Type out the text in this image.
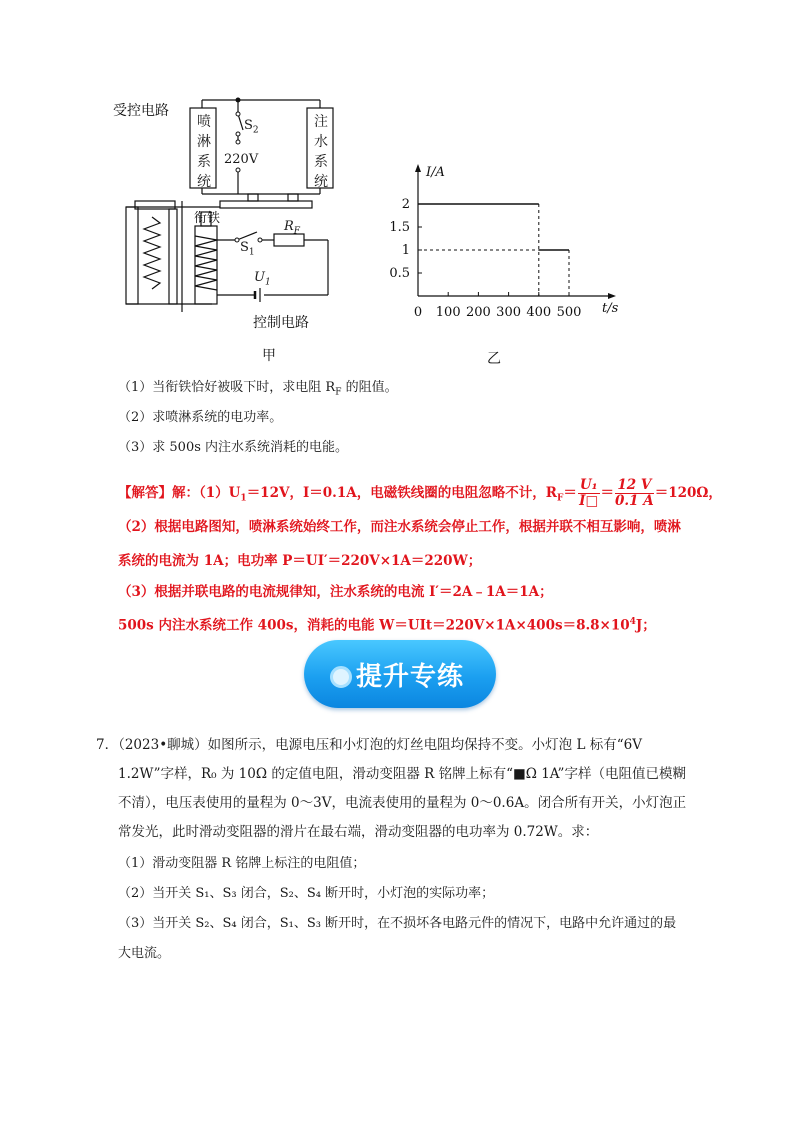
受控电路
喷
淋
系
统
注
水
系
统
$S_2$
220V
衔铁
$R_F$
$S_1$
$U_1$
控制电路
甲
0.5
1
1.5
2
0 100 200 300 400 500
I/A
t/s
乙
（1）当衔铁恰好被吸下时，求电阻 $R_F$ 的阻值。
（2）求喷淋系统的电功率。
（3）求 500s 内注水系统消耗的电能。
【解答】解：$(1)U_1=12V$，I＝0.1A，电磁铁线圈的电阻忽略不计，$R_F= \frac{\text{U₁}}{I□} = \frac{12 V}{0.1 A} =120\Omega$，
（2）根据电路图知，喷淋系统始终工作，而注水系统会停止工作，根据并联不相互影响，喷淋
系统的电流为 1A；电功率 P＝UI′＝220V×1A＝220W；
（3）根据并联电路的电流规律知，注水系统的电流 I′＝2A﹣1A＝1A；
500s 内注水系统工作 400s，消耗的电能 $W=UIt=220V\times 1A\times 400s=8.8\times 10^4J$；
提升专练
7．（2023•聊城）如图所示，电源电压和小灯泡的灯丝电阻均保持不变。小灯泡 L 标有“6V
1.2W”字样，R₀ 为 10Ω 的定值电阻，滑动变阻器 R 铭牌上标有“■Ω 1A”字样（电阻值已模糊
不清），电压表使用的量程为 0～3V，电流表使用的量程为 0～0.6A。闭合所有开关，小灯泡正
常发光，此时滑动变阻器的滑片在最右端，滑动变阻器的电功率为 0.72W。求：
（1）滑动变阻器 R 铭牌上标注的电阻值；
（2）当开关 S₁、S₃ 闭合，S₂、S₄ 断开时，小灯泡的实际功率；
（3）当开关 S₂、S₄ 闭合，S₁、S₃ 断开时，在不损坏各电路元件的情况下，电路中允许通过的最
大电流。
